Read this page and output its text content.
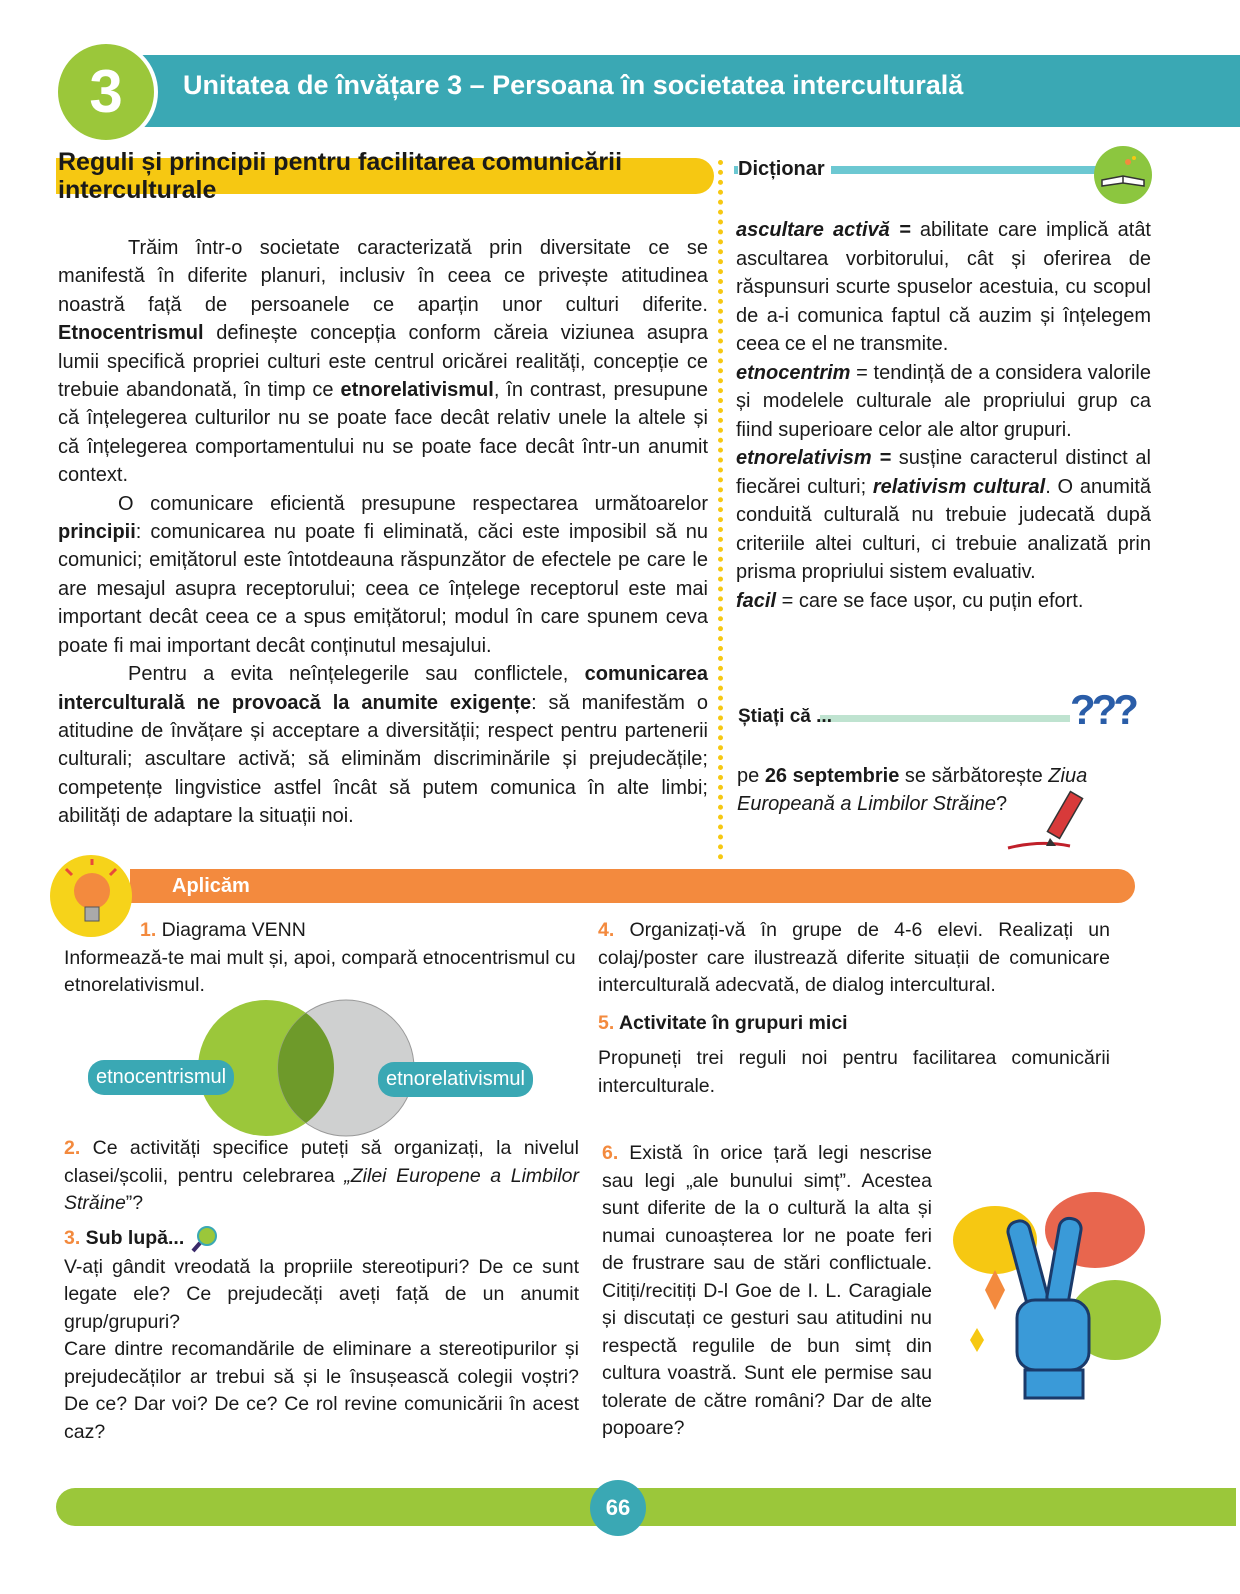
3	Unitatea de învățare 3 – Persoana în societatea interculturală
Reguli și principii pentru facilitarea comunicării interculturale

Trăim într-o societate caracterizată prin diversitate ce se manifestă în diferite planuri, inclusiv în ceea ce privește atitudinea noastră față de persoanele ce aparțin unor culturi diferite. Etnocentrismul definește concepția conform căreia viziunea asupra lumii specifică propriei culturi este centrul oricărei realități, concepție ce trebuie abandonată, în timp ce etnorelativismul, în contrast, presupune că înțelegerea culturilor nu se poate face decât relativ unele la altele și că înțelegerea comportamentului nu se poate face decât într-un anumit context.

O comunicare eficientă presupune respectarea următoarelor principii: comunicarea nu poate fi eliminată, căci este imposibil să nu comunici; emițătorul este întotdeauna răspunzător de efectele pe care le are mesajul asupra receptorului; ceea ce înțelege receptorul este mai important decât ceea ce a spus emițătorul; modul în care spunem ceva poate fi mai important decât conținutul mesajului.

Pentru a evita neînțelegerile sau conflictele, comunicarea interculturală ne provoacă la anumite exigențe: să manifestăm o atitudine de învățare și acceptare a diversității; respect pentru partenerii culturali; ascultare activă; să eliminăm discriminările și prejudecățile; competențe lingvistice astfel încât să putem comunica în alte limbi; abilități de adaptare la situații noi.

Dicționar

ascultare activă = abilitate care implică atât ascultarea vorbitorului, cât și oferirea de răspunsuri scurte spuselor acestuia, cu scopul de a-i comunica faptul că auzim și înțelegem ceea ce el ne transmite.

etnocentrim = tendință de a considera valorile și modelele culturale ale propriului grup ca fiind superioare celor ale altor grupuri.

etnorelativism = susține caracterul distinct al fiecărei culturi; relativism cultural. O anumită conduită culturală nu trebuie judecată după criteriile altei culturi, ci trebuie analizată prin prisma propriului sistem evaluativ.

facil = care se face ușor, cu puțin efort.

Știați că ...	???
pe 26 septembrie se sărbătorește Ziua Europeană a Limbilor Străine?
Aplicăm

1. Diagrama VENN

Informează-te mai mult și, apoi, compară etnocentrismul cu etnorelativismul.

etnocentrismul	etnorelativismul

2. Ce activități specifice puteți să organizați, la nivelul clasei/școlii, pentru celebrarea „Zilei Europene a Limbilor Străine”?

3. Sub lupă...

V-ați gândit vreodată la propriile stereotipuri? De ce sunt legate ele? Ce prejudecăți aveți față de un anumit grup/grupuri?

Care dintre recomandările de eliminare a stereotipurilor și prejudecăților ar trebui să și le însușească colegii voștri? De ce? Dar voi? De ce? Ce rol revine comunicării în acest caz?

4. Organizați-vă în grupe de 4-6 elevi. Realizați un colaj/poster care ilustrează diferite situații de comunicare interculturală adecvată, de dialog intercultural.

5. Activitate în grupuri mici

Propuneți trei reguli noi pentru facilitarea comunicării interculturale.

6. Există în orice țară legi nescrise sau legi „ale bunului simț”. Acestea sunt diferite de la o cultură la alta și numai cunoașterea lor ne poate feri de frustrare sau de stări conflictuale. Citiți/recitiți D-l Goe de I. L. Caragiale și discutați ce gesturi sau atitudini nu respectă regulile de bun simț din cultura voastră. Sunt ele permise sau tolerate de către români? Dar de alte popoare?

66
